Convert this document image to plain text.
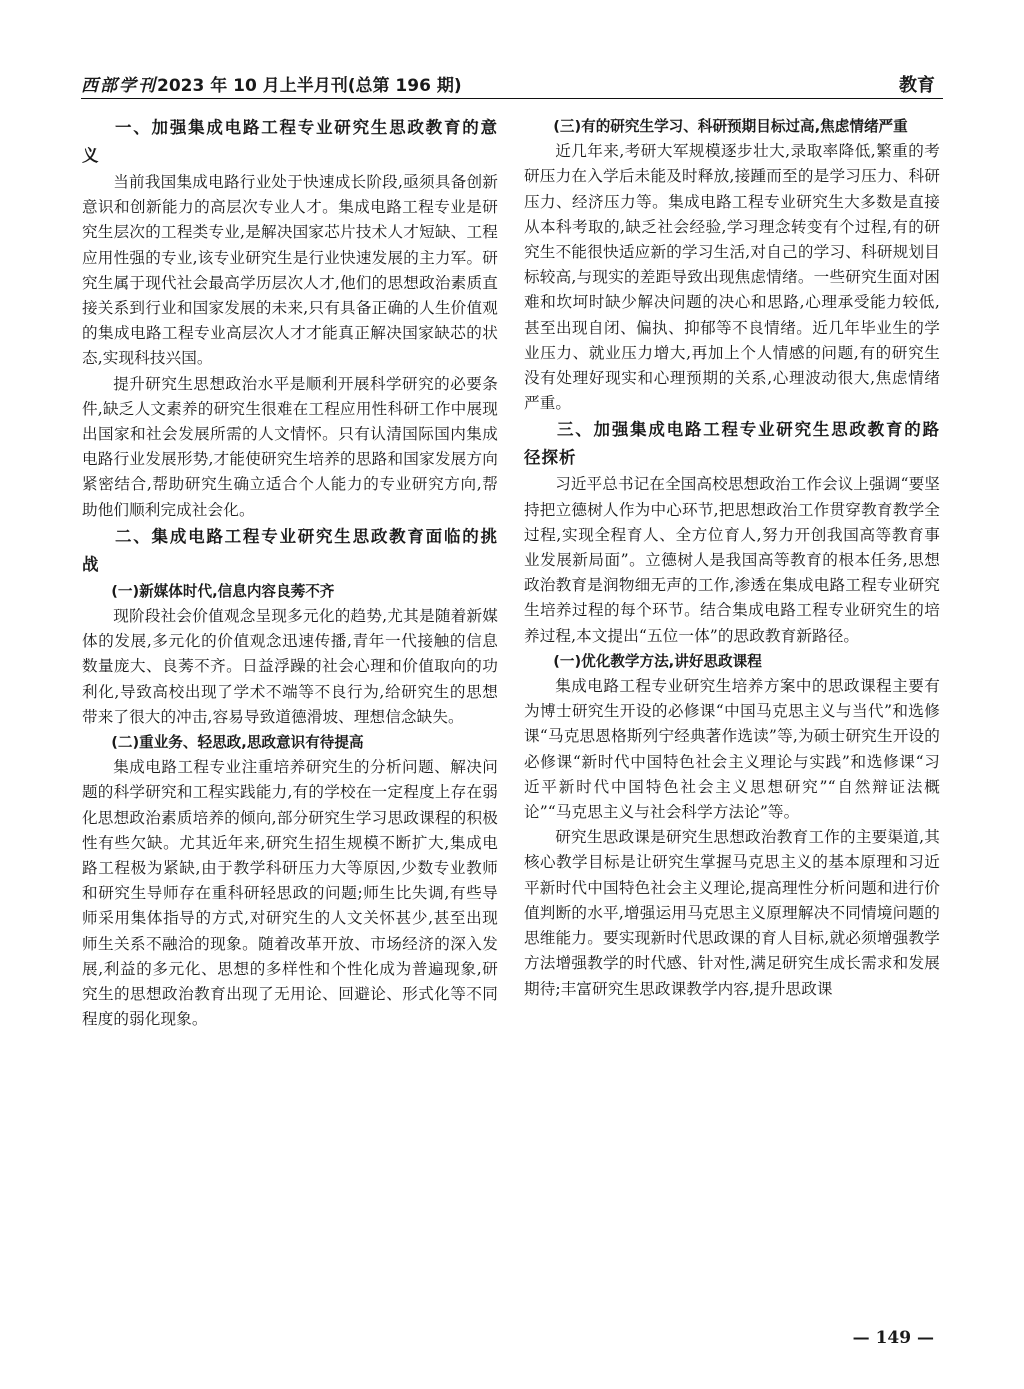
西部学刊2023 年 10 月上半月刊(总第 196 期)	教育
一、加强集成电路工程专业研究生思政教育的意义

当前我国集成电路行业处于快速成长阶段,亟须具备创新意识和创新能力的高层次专业人才。集成电路工程专业是研究生层次的工程类专业,是解决国家芯片技术人才短缺、工程应用性强的专业,该专业研究生是行业快速发展的主力军。研究生属于现代社会最高学历层次人才,他们的思想政治素质直接关系到行业和国家发展的未来,只有具备正确的人生价值观的集成电路工程专业高层次人才才能真正解决国家缺芯的状态,实现科技兴国。

提升研究生思想政治水平是顺利开展科学研究的必要条件,缺乏人文素养的研究生很难在工程应用性科研工作中展现出国家和社会发展所需的人文情怀。只有认清国际国内集成电路行业发展形势,才能使研究生培养的思路和国家发展方向紧密结合,帮助研究生确立适合个人能力的专业研究方向,帮助他们顺利完成社会化。

二、集成电路工程专业研究生思政教育面临的挑战
(一)新媒体时代,信息内容良莠不齐

现阶段社会价值观念呈现多元化的趋势,尤其是随着新媒体的发展,多元化的价值观念迅速传播,青年一代接触的信息数量庞大、良莠不齐。日益浮躁的社会心理和价值取向的功利化,导致高校出现了学术不端等不良行为,给研究生的思想带来了很大的冲击,容易导致道德滑坡、理想信念缺失。

(二)重业务、轻思政,思政意识有待提高

集成电路工程专业注重培养研究生的分析问题、解决问题的科学研究和工程实践能力,有的学校在一定程度上存在弱化思想政治素质培养的倾向,部分研究生学习思政课程的积极性有些欠缺。尤其近年来,研究生招生规模不断扩大,集成电路工程极为紧缺,由于教学科研压力大等原因,少数专业教师和研究生导师存在重科研轻思政的问题;师生比失调,有些导师采用集体指导的方式,对研究生的人文关怀甚少,甚至出现师生关系不融洽的现象。随着改革开放、市场经济的深入发展,利益的多元化、思想的多样性和个性化成为普遍现象,研究生的思想政治教育出现了无用论、回避论、形式化等不同程度的弱化现象。

(三)有的研究生学习、科研预期目标过高,焦虑情绪严重

近几年来,考研大军规模逐步壮大,录取率降低,繁重的考研压力在入学后未能及时释放,接踵而至的是学习压力、科研压力、经济压力等。集成电路工程专业研究生大多数是直接从本科考取的,缺乏社会经验,学习理念转变有个过程,有的研究生不能很快适应新的学习生活,对自己的学习、科研规划目标较高,与现实的差距导致出现焦虑情绪。一些研究生面对困难和坎坷时缺少解决问题的决心和思路,心理承受能力较低,甚至出现自闭、偏执、抑郁等不良情绪。近几年毕业生的学业压力、就业压力增大,再加上个人情感的问题,有的研究生没有处理好现实和心理预期的关系,心理波动很大,焦虑情绪严重。

三、加强集成电路工程专业研究生思政教育的路径探析

习近平总书记在全国高校思想政治工作会议上强调“要坚持把立德树人作为中心环节,把思想政治工作贯穿教育教学全过程,实现全程育人、全方位育人,努力开创我国高等教育事业发展新局面”。立德树人是我国高等教育的根本任务,思想政治教育是润物细无声的工作,渗透在集成电路工程专业研究生培养过程的每个环节。结合集成电路工程专业研究生的培养过程,本文提出“五位一体”的思政教育新路径。

(一)优化教学方法,讲好思政课程

集成电路工程专业研究生培养方案中的思政课程主要有为博士研究生开设的必修课“中国马克思主义与当代”和选修课“马克思恩格斯列宁经典著作选读”等,为硕士研究生开设的必修课“新时代中国特色社会主义理论与实践”和选修课“习近平新时代中国特色社会主义思想研究”“自然辩证法概论”“马克思主义与社会科学方法论”等。

研究生思政课是研究生思想政治教育工作的主要渠道,其核心教学目标是让研究生掌握马克思主义的基本原理和习近平新时代中国特色社会主义理论,提高理性分析问题和进行价值判断的水平,增强运用马克思主义原理解决不同情境问题的思维能力。要实现新时代思政课的育人目标,就必须增强教学方法增强教学的时代感、针对性,满足研究生成长需求和发展期待;丰富研究生思政课教学内容,提升思政课

— 149 —
